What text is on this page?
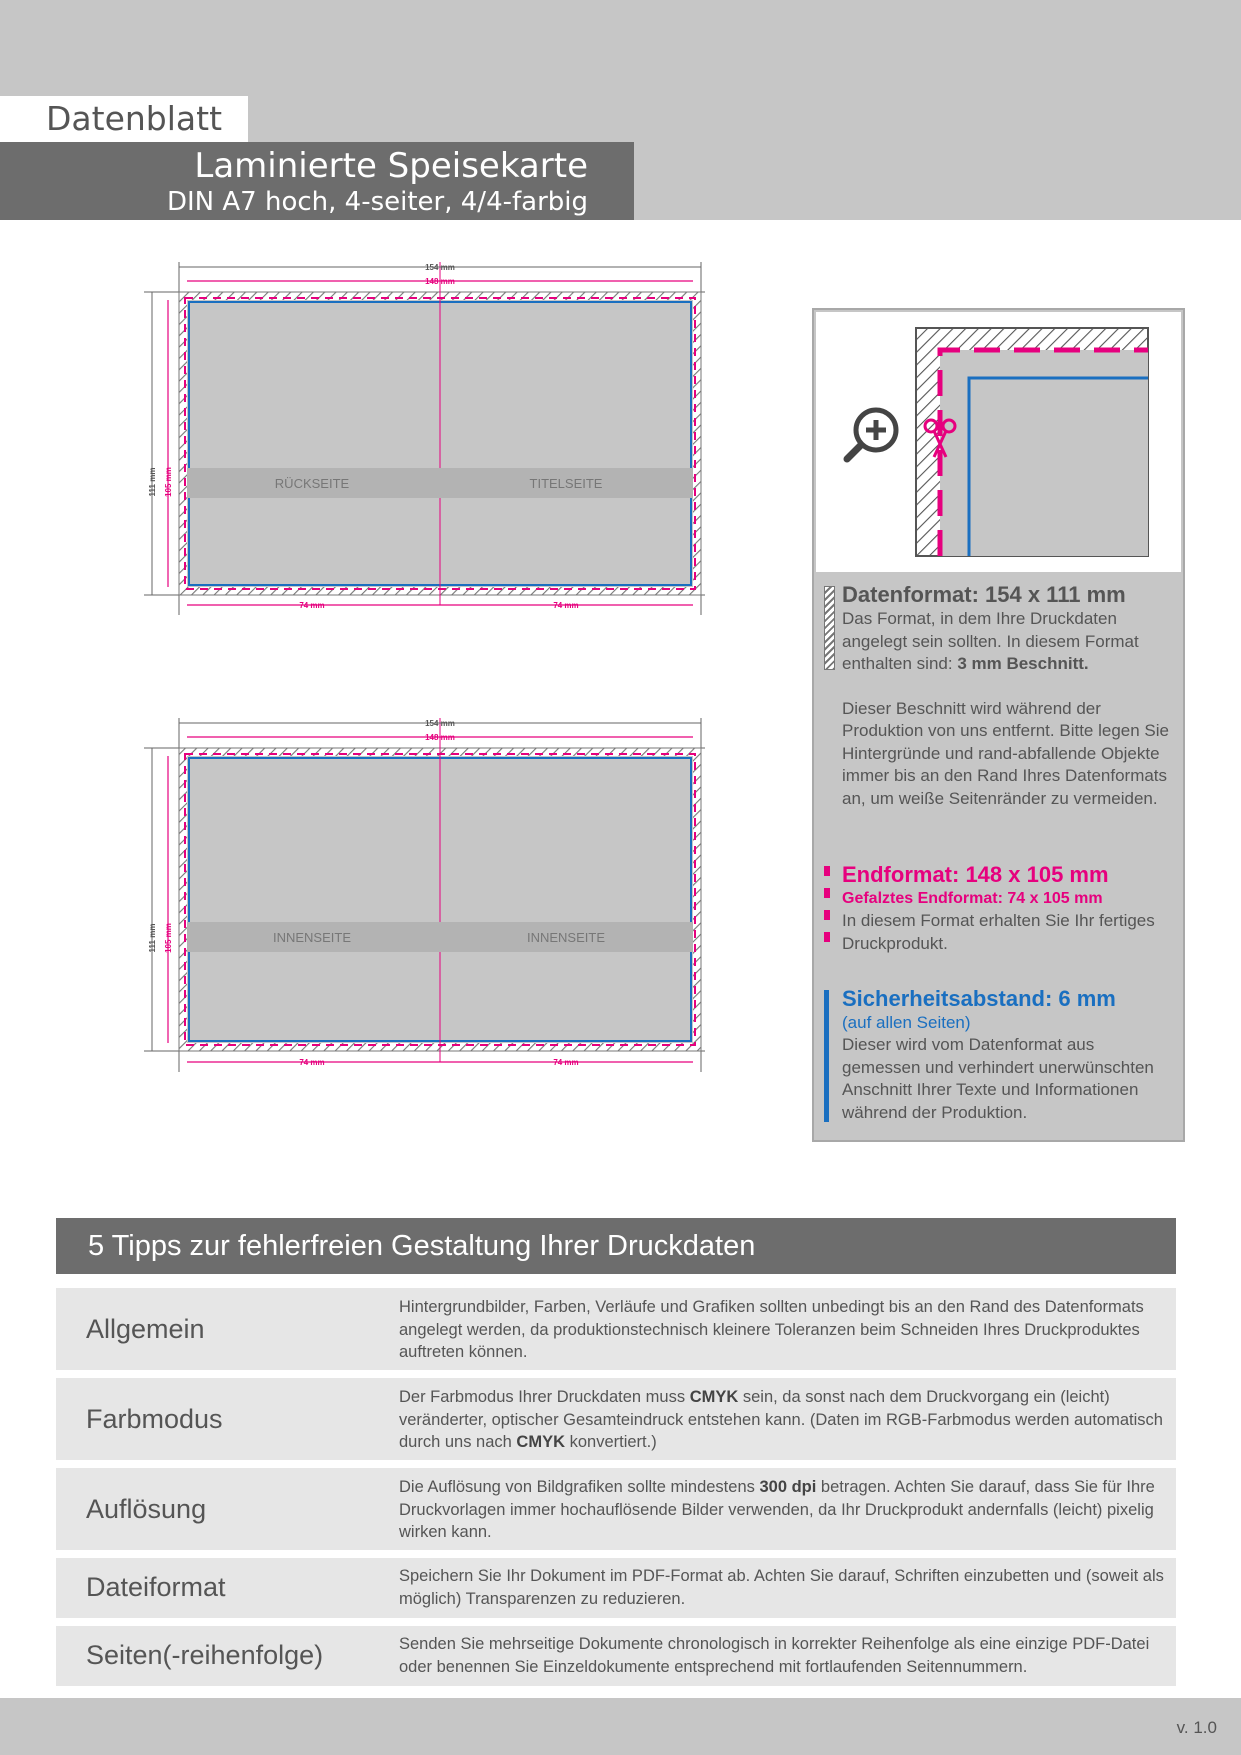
Datenblatt
Laminierte Speisekarte
DIN A7 hoch, 4-seiter, 4/4-farbig
154 mm
148 mm
111 mm 105 mm
74 mm	74 mm
RÜCKSEITE	TITELSEITE
154 mm
148 mm
111 mm 105 mm
74 mm	74 mm
INNENSEITE	INNENSEITE
Datenformat: 154 x 111 mm
Das Format, in dem Ihre Druckdaten angelegt sein sollten. In diesem Format enthalten sind: 3 mm Beschnitt.
Dieser Beschnitt wird während der Produktion von uns entfernt. Bitte legen Sie Hintergründe und rand-abfallende Objekte immer bis an den Rand Ihres Datenformats an, um weiße Seitenränder zu vermeiden.
Endformat: 148 x 105 mm
Gefalztes Endformat: 74 x 105 mm
In diesem Format erhalten Sie Ihr fertiges Druckprodukt.
Sicherheitsabstand: 6 mm
(auf allen Seiten)
Dieser wird vom Datenformat aus gemessen und verhindert unerwünschten Anschnitt Ihrer Texte und Informationen während der Produktion.
5 Tipps zur fehlerfreien Gestaltung Ihrer Druckdaten
Allgemein
Hintergrundbilder, Farben, Verläufe und Grafiken sollten unbedingt bis an den Rand des Datenformats angelegt werden, da produktionstechnisch kleinere Toleranzen beim Schneiden Ihres Druckproduktes auftreten können.
Farbmodus
Der Farbmodus Ihrer Druckdaten muss CMYK sein, da sonst nach dem Druckvorgang ein (leicht) veränderter, optischer Gesamteindruck entstehen kann. (Daten im RGB-Farbmodus werden automatisch durch uns nach CMYK konvertiert.)
Auflösung
Die Auflösung von Bildgrafiken sollte mindestens 300 dpi betragen. Achten Sie darauf, dass Sie für Ihre Druckvorlagen immer hochauflösende Bilder verwenden, da Ihr Druckprodukt andernfalls (leicht) pixelig wirken kann.
Dateiformat	Speichern Sie Ihr Dokument im PDF-Format ab. Achten Sie darauf, Schriften einzubetten und (soweit als möglich) Transparenzen zu reduzieren.
Seiten(-reihenfolge)	Senden Sie mehrseitige Dokumente chronologisch in korrekter Reihenfolge als eine einzige PDF-Datei oder benennen Sie Einzeldokumente entsprechend mit fortlaufenden Seitennummern.
v. 1.0
